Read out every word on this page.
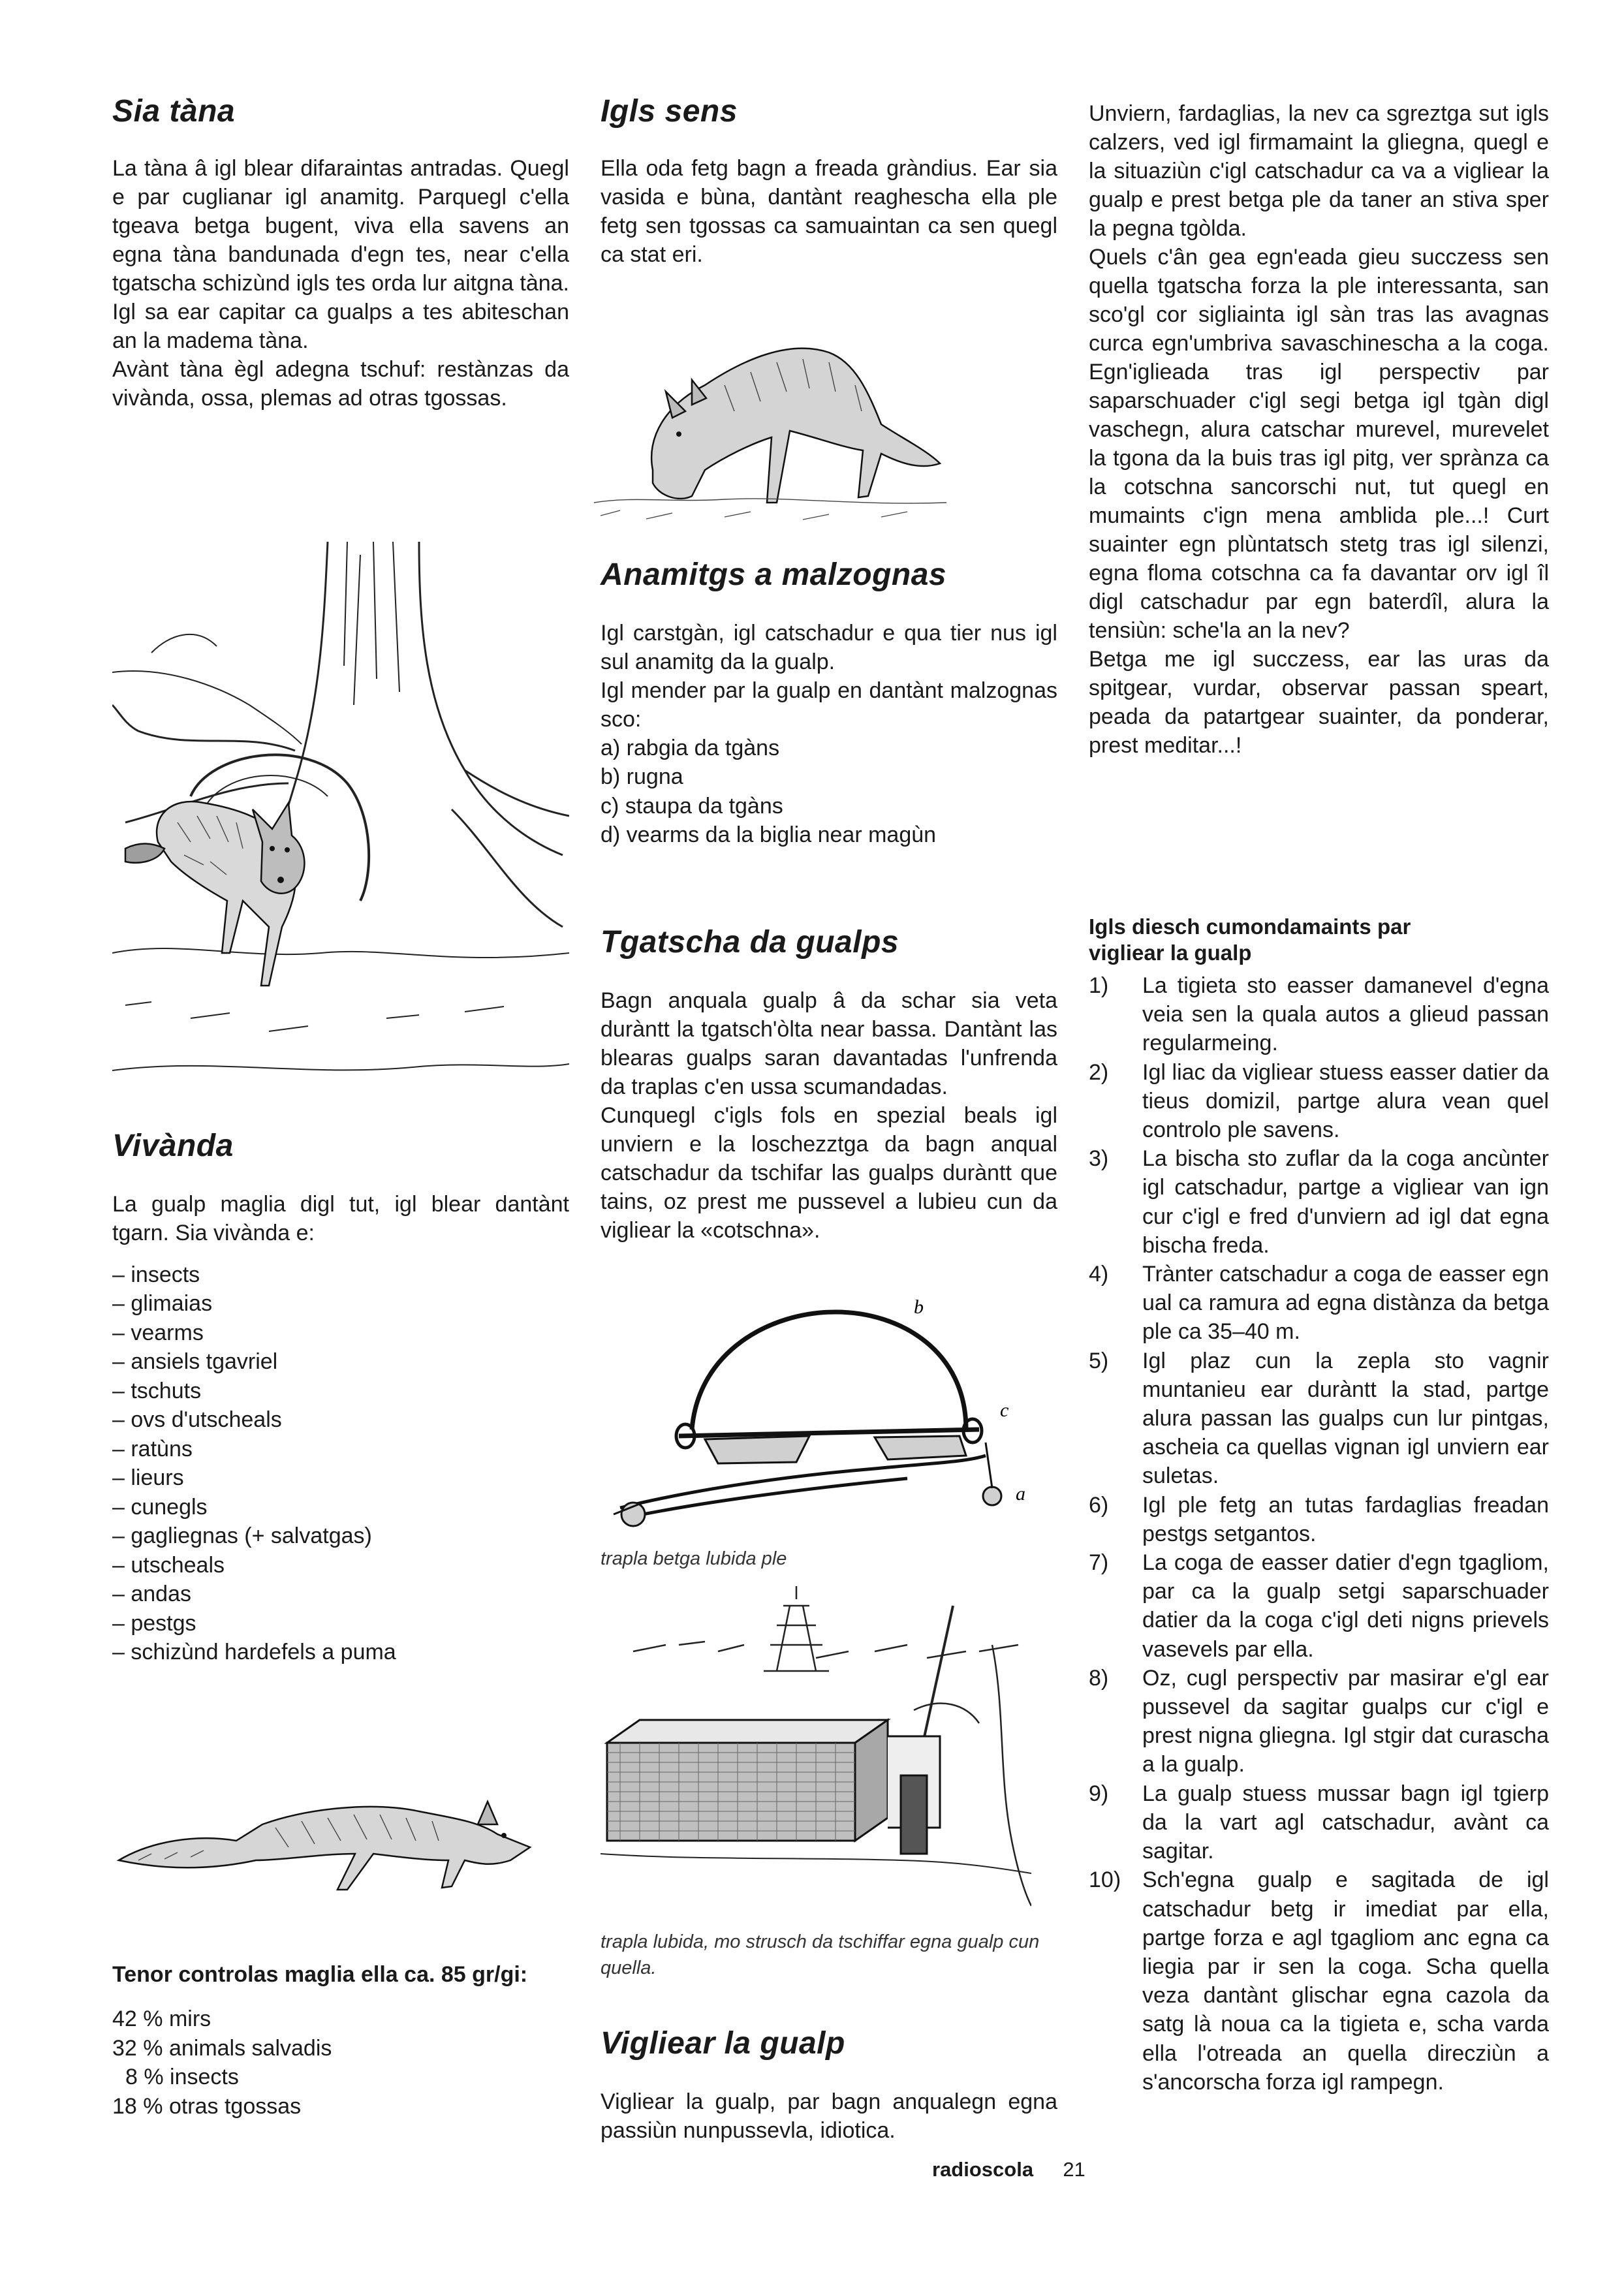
Sia tàna

La tàna â igl blear difaraintas antradas. Quegl e par cuglianar igl anamitg. Parquegl c'ella tgeava betga bugent, viva ella savens an egna tàna bandunada d'egn tes, near c'ella tgatscha schizùnd igls tes orda lur aitgna tàna. Igl sa ear capitar ca gualps a tes abiteschan an la madema tàna.

Avànt tàna ègl adegna tschuf: restànzas da vivànda, ossa, plemas ad otras tgossas.

Vivànda

La gualp maglia digl tut, igl blear dantànt tgarn. Sia vivànda e:

– insects
– glimaias
– vearms
– ansiels tgavriel
– tschuts
– ovs d'utscheals
– ratùns
– lieurs
– cunegls
– gagliegnas (+ salvatgas)
– utscheals
– andas
– pestgs
– schizùnd hardefels a puma

Tenor controlas maglia ella ca. 85 gr/gi:

42 % mirs
32 % animals salvadis
8 % insects
18 % otras tgossas
Igls sens

Ella oda fetg bagn a freada gràndius. Ear sia vasida e bùna, dantànt reaghescha ella ple fetg sen tgossas ca samuaintan ca sen quegl ca stat eri.

Anamitgs a malzognas

Igl carstgàn, igl catschadur e qua tier nus igl sul anamitg da la gualp.

Igl mender par la gualp en dantànt malzognas sco:

a) rabgia da tgàns
b) rugna
c) staupa da tgàns
d) vearms da la biglia near magùn
Tgatscha da gualps

Bagn anquala gualp â da schar sia veta duràntt la tgatsch'òlta near bassa. Dantànt las blearas gualps saran davantadas l'unfrenda da traplas c'en ussa scumandadas.

Cunquegl c'igls fols en spezial beals igl unviern e la loschezztga da bagn anqual catschadur da tschifar las gualps duràntt que tains, oz prest me pussevel a lubieu cun da vigliear la «cotschna».

b
c
a

trapla betga lubida ple

trapla lubida, mo strusch da tschiffar egna gualp cun quella.

Vigliear la gualp

Vigliear la gualp, par bagn anqualegn egna passiùn nunpussevla, idiotica.

Unviern, fardaglias, la nev ca sgreztga sut igls calzers, ved igl firmamaint la gliegna, quegl e la situaziùn c'igl catschadur ca va a vigliear la gualp e prest betga ple da taner an stiva sper la pegna tgòlda.

Quels c'ân gea egn'eada gieu succzess sen quella tgatscha forza la ple interessanta, san sco'gl cor sigliainta igl sàn tras las avagnas curca egn'umbriva savaschinescha a la coga. Egn'iglieada tras igl perspectiv par saparschuader c'igl segi betga igl tgàn digl vaschegn, alura catschar murevel, murevelet la tgona da la buis tras igl pitg, ver sprànza ca la cotschna sancorschi nut, tut quegl en mumaints c'ign mena amblida ple...! Curt suainter egn plùntatsch stetg tras igl silenzi, egna floma cotschna ca fa davantar orv igl îl digl catschadur par egn baterdîl, alura la tensiùn: sche'la an la nev?

Betga me igl succzess, ear las uras da spitgear, vurdar, observar passan speart, peada da patartgear suainter, da ponderar, prest meditar...!

Igls diesch cumondamaints par vigliear la gualp

1)	La tigieta sto easser damanevel d'egna veia sen la quala autos a glieud passan regularmeing.
2)	Igl liac da vigliear stuess easser datier da tieus domizil, partge alura vean quel controlo ple savens.
3)	La bischa sto zuflar da la coga ancùnter igl catschadur, partge a vigliear van ign cur c'igl e fred d'unviern ad igl dat egna bischa freda.
4)	Trànter catschadur a coga de easser egn ual ca ramura ad egna distànza da betga ple ca 35–40 m.
5)	Igl plaz cun la zepla sto vagnir muntanieu ear duràntt la stad, partge alura passan las gualps cun lur pintgas, ascheia ca quellas vignan igl unviern ear suletas.
6)	Igl ple fetg an tutas fardaglias freadan pestgs setgantos.
7)	La coga de easser datier d'egn tgagliom, par ca la gualp setgi saparschuader datier da la coga c'igl deti nigns prievels vasevels par ella.
8)	Oz, cugl perspectiv par masirar e'gl ear pussevel da sagitar gualps cur c'igl e prest nigna gliegna. Igl stgir dat curascha a la gualp.
9)	La gualp stuess mussar bagn igl tgierp da la vart agl catschadur, avànt ca sagitar.
10) Sch'egna gualp e sagitada de igl catschadur betg ir imediat par ella, partge forza e agl tgagliom anc egna ca liegia par ir sen la coga. Scha quella veza dantànt glischar egna cazola da satg là noua ca la tigieta e, scha varda ella l'otreada an quella direcziùn a s'ancorscha forza igl rampegn.
radioscola 21
